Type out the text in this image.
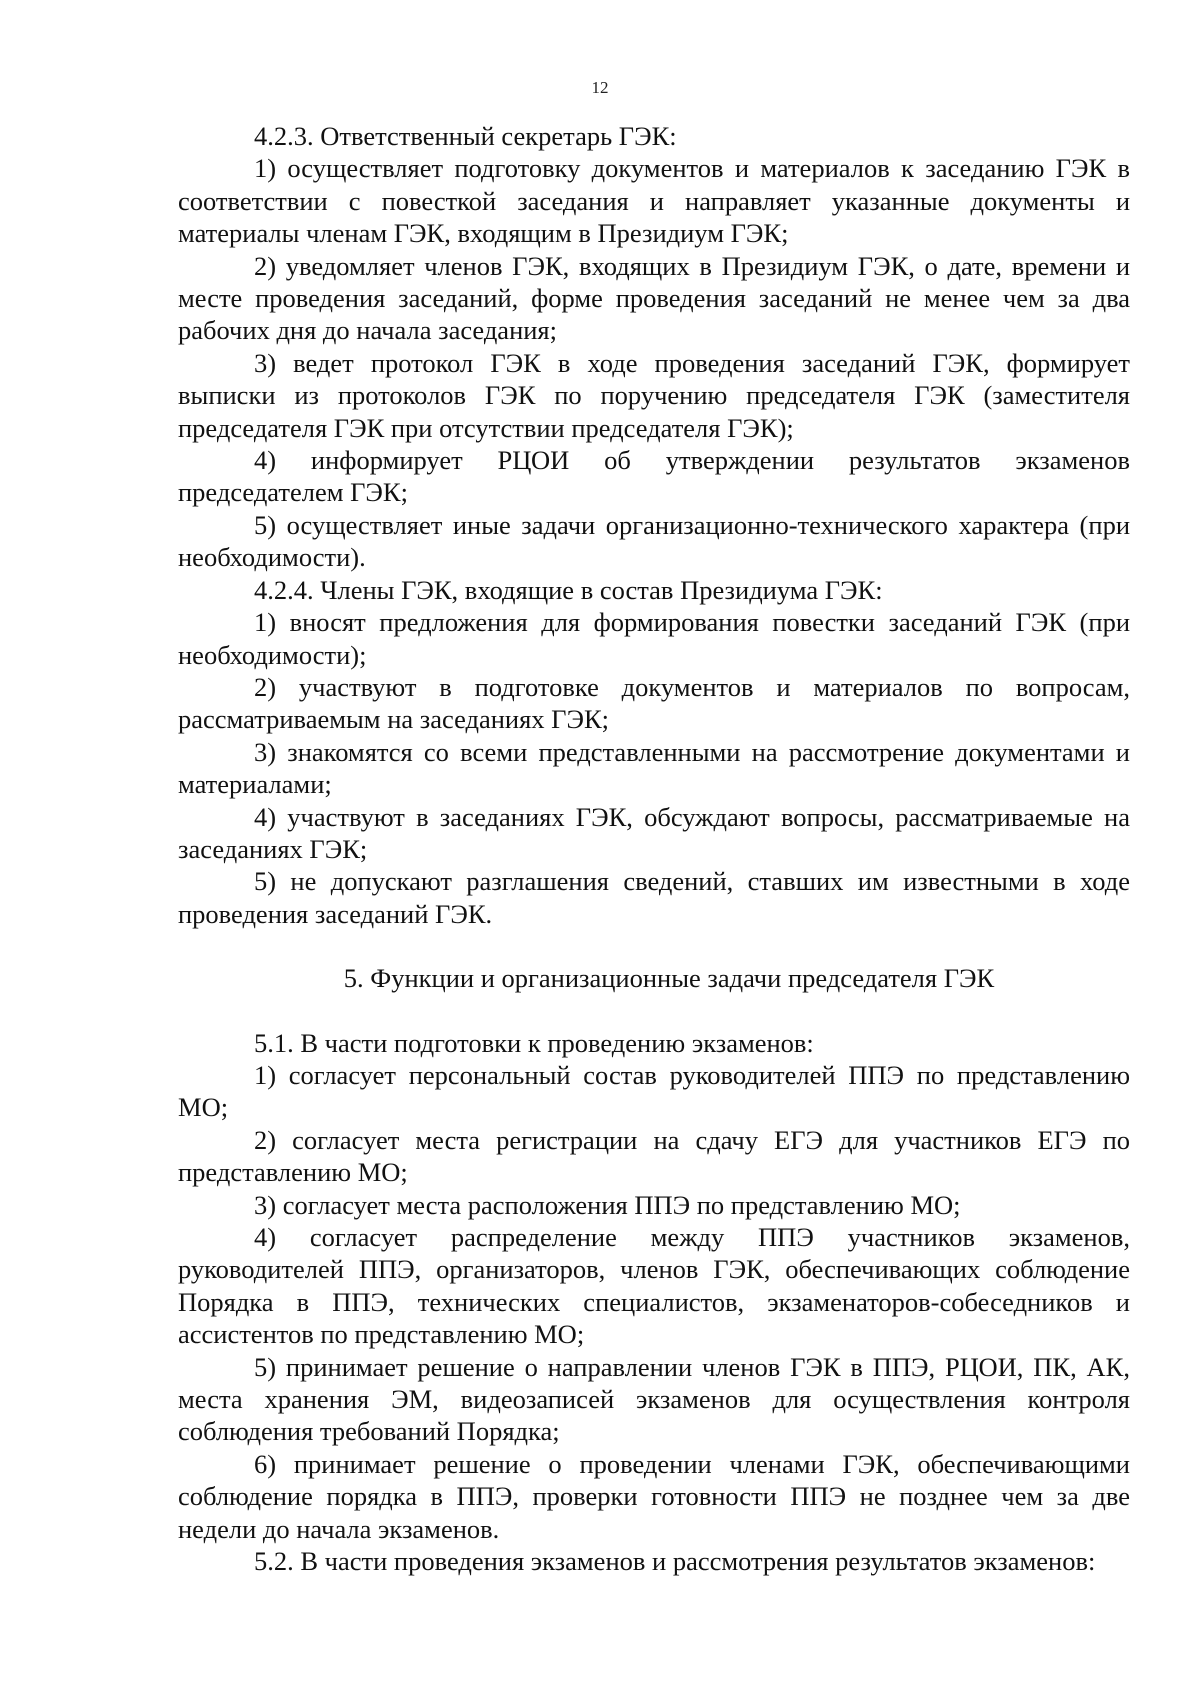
12

4.2.3. Ответственный секретарь ГЭК:

1) осуществляет подготовку документов и материалов к заседанию ГЭК в соответствии с повесткой заседания и направляет указанные документы и материалы членам ГЭК, входящим в Президиум ГЭК;

2) уведомляет членов ГЭК, входящих в Президиум ГЭК, о дате, времени и месте проведения заседаний, форме проведения заседаний не менее чем за два рабочих дня до начала заседания;

3) ведет протокол ГЭК в ходе проведения заседаний ГЭК, формирует выписки из протоколов ГЭК по поручению председателя ГЭК (заместителя председателя ГЭК при отсутствии председателя ГЭК);

4) информирует РЦОИ об утверждении результатов экзаменов председателем ГЭК;

5) осуществляет иные задачи организационно-технического характера (при необходимости).

4.2.4. Члены ГЭК, входящие в состав Президиума ГЭК:

1) вносят предложения для формирования повестки заседаний ГЭК (при необходимости);

2) участвуют в подготовке документов и материалов по вопросам, рассматриваемым на заседаниях ГЭК;

3) знакомятся со всеми представленными на рассмотрение документами и материалами;

4) участвуют в заседаниях ГЭК, обсуждают вопросы, рассматриваемые на заседаниях ГЭК;

5) не допускают разглашения сведений, ставших им известными в ходе проведения заседаний ГЭК.

5. Функции и организационные задачи председателя ГЭК

5.1. В части подготовки к проведению экзаменов:

1) согласует персональный состав руководителей ППЭ по представлению МО;

2) согласует места регистрации на сдачу ЕГЭ для участников ЕГЭ по представлению МО;

3) согласует места расположения ППЭ по представлению МО;

4) согласует распределение между ППЭ участников экзаменов, руководителей ППЭ, организаторов, членов ГЭК, обеспечивающих соблюдение Порядка в ППЭ, технических специалистов, экзаменаторов-собеседников и ассистентов по представлению МО;

5) принимает решение о направлении членов ГЭК в ППЭ, РЦОИ, ПК, АК, места хранения ЭМ, видеозаписей экзаменов для осуществления контроля соблюдения требований Порядка;

6) принимает решение о проведении членами ГЭК, обеспечивающими соблюдение порядка в ППЭ, проверки готовности ППЭ не позднее чем за две недели до начала экзаменов.

5.2. В части проведения экзаменов и рассмотрения результатов экзаменов:
